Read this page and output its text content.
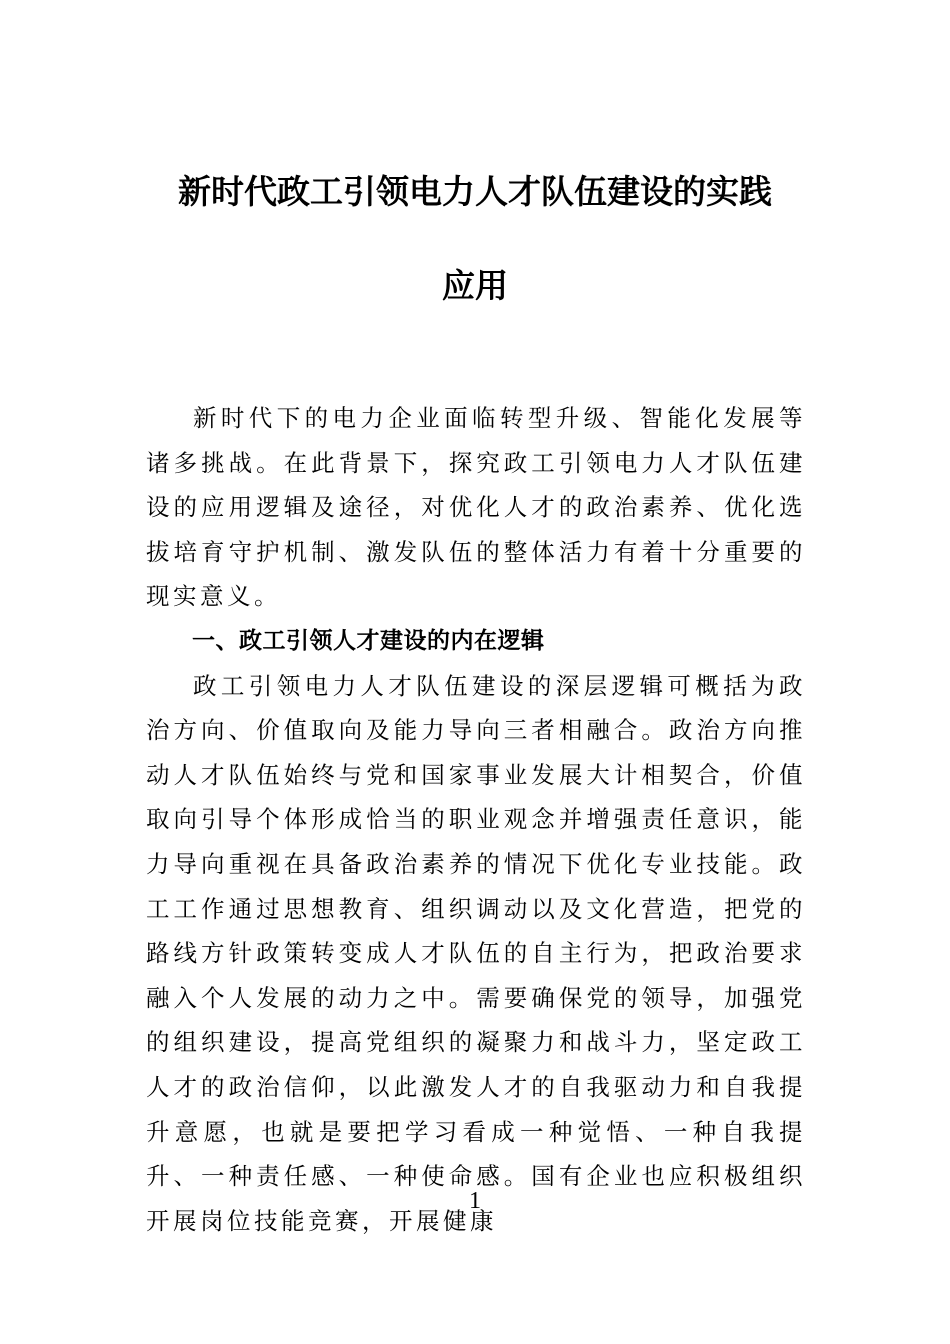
新时代政工引领电力人才队伍建设的实践
应用

新时代下的电力企业面临转型升级、智能化发展等诸多挑战。在此背景下，探究政工引领电力人才队伍建设的应用逻辑及途径，对优化人才的政治素养、优化选拔培育守护机制、激发队伍的整体活力有着十分重要的现实意义。

一、政工引领人才建设的内在逻辑

政工引领电力人才队伍建设的深层逻辑可概括为政治方向、价值取向及能力导向三者相融合。政治方向推动人才队伍始终与党和国家事业发展大计相契合，价值取向引导个体形成恰当的职业观念并增强责任意识，能力导向重视在具备政治素养的情况下优化专业技能。政工工作通过思想教育、组织调动以及文化营造，把党的路线方针政策转变成人才队伍的自主行为，把政治要求融入个人发展的动力之中。需要确保党的领导，加强党的组织建设，提高党组织的凝聚力和战斗力，坚定政工人才的政治信仰，以此激发人才的自我驱动力和自我提升意愿，也就是要把学习看成一种觉悟、一种自我提升、一种责任感、一种使命感。国有企业也应积极组织开展岗位技能竞赛，开展健康

1
